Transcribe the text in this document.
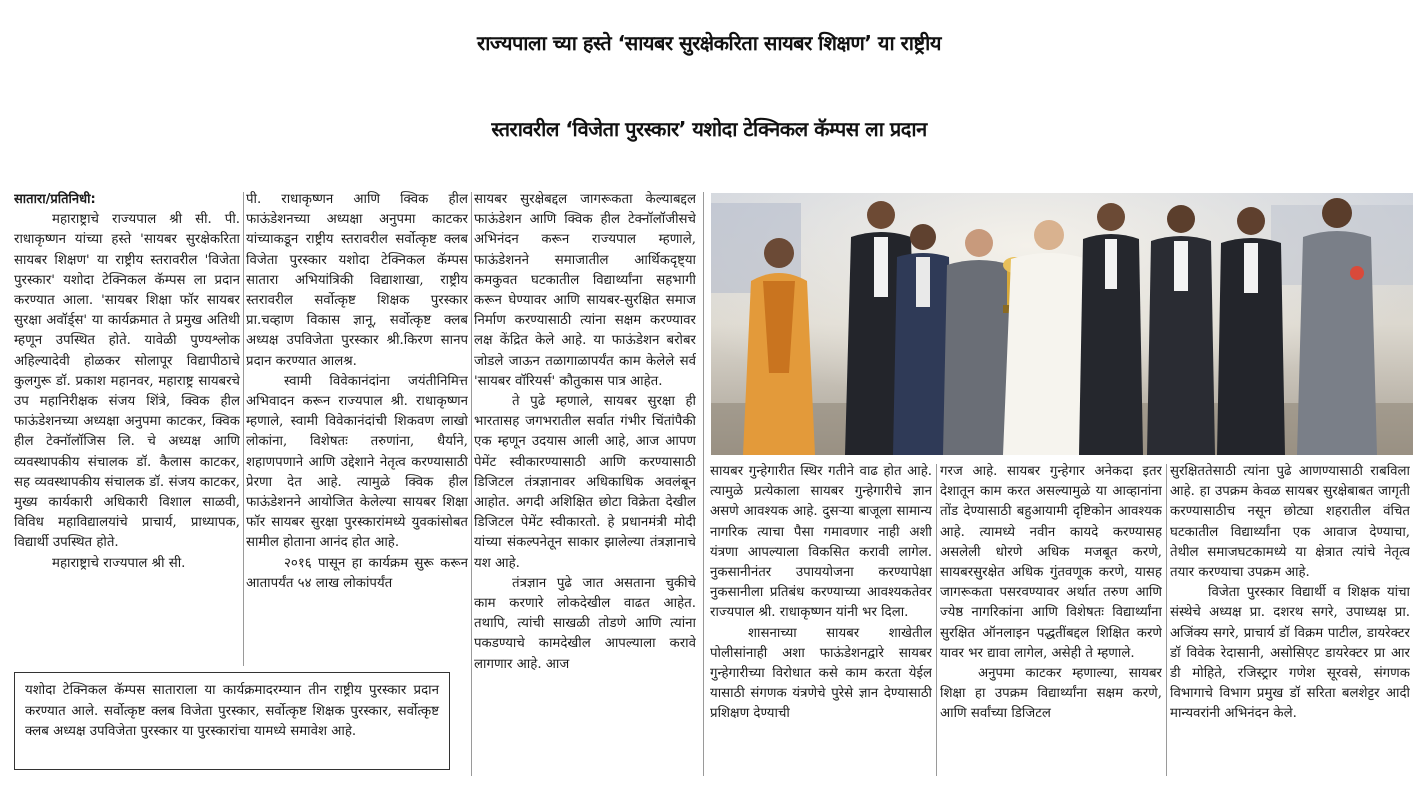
राज्यपाला च्या हस्ते ‘सायबर सुरक्षेकरिता सायबर शिक्षण’ या राष्ट्रीय
स्तरावरील ‘विजेता पुरस्कार’ यशोदा टेक्निकल कॅम्पस ला प्रदान

सातारा/प्रतिनिधी:

महाराष्ट्राचे राज्यपाल श्री सी. पी. राधाकृष्णन यांच्या हस्ते 'सायबर सुरक्षेकरिता सायबर शिक्षण' या राष्ट्रीय स्तरावरील 'विजेता पुरस्कार' यशोदा टेक्निकल कॅम्पस ला प्रदान करण्यात आला. 'सायबर शिक्षा फॉर सायबर सुरक्षा अवॉर्ड्स' या कार्यक्रमात ते प्रमुख अतिथी म्हणून उपस्थित होते. यावेळी पुण्यश्लोक अहिल्यादेवी होळकर सोलापूर विद्यापीठाचे कुलगुरू डॉ. प्रकाश महानवर, महाराष्ट्र सायबरचे उप महानिरीक्षक संजय शिंत्रे, क्विक हील फाऊंडेशनच्या अध्यक्षा अनुपमा काटकर, क्विक हील टेक्नॉलॉजिस लि. चे अध्यक्ष आणि व्यवस्थापकीय संचालक डॉ. कैलास काटकर, सह व्यवस्थापकीय संचालक डॉ. संजय काटकर, मुख्य कार्यकारी अधिकारी विशाल साळवी, विविध महाविद्यालयांचे प्राचार्य, प्राध्यापक, विद्यार्थी उपस्थित होते.

महाराष्ट्राचे राज्यपाल श्री सी.

पी. राधाकृष्णन आणि क्विक हील फाऊंडेशनच्या अध्यक्षा अनुपमा काटकर यांच्याकडून राष्ट्रीय स्तरावरील सर्वोत्कृष्ट क्लब विजेता पुरस्कार यशोदा टेक्निकल कॅम्पस सातारा अभियांत्रिकी विद्याशाखा, राष्ट्रीय स्तरावरील सर्वोत्कृष्ट शिक्षक पुरस्कार प्रा.चव्हाण विकास ज्ञानू, सर्वोत्कृष्ट क्लब अध्यक्ष उपविजेता पुरस्कार श्री.किरण सानप प्रदान करण्यात आलश्र.

स्वामी विवेकानंदांना जयंतीनिमित्त अभिवादन करून राज्यपाल श्री. राधाकृष्णन म्हणाले, स्वामी विवेकानंदांची शिकवण लाखो लोकांना, विशेषतः तरुणांना, धैर्याने, शहाणपणाने आणि उद्देशाने नेतृत्व करण्यासाठी प्रेरणा देत आहे. त्यामुळे क्विक हील फाऊंडेशनने आयोजित केलेल्या सायबर शिक्षा फॉर सायबर सुरक्षा पुरस्कारांमध्ये युवकांसोबत सामील होताना आनंद होत आहे.

२०१६ पासून हा कार्यक्रम सुरू करून आतापर्यंत ५४ लाख लोकांपर्यंत

सायबर सुरक्षेबद्दल जागरूकता केल्याबद्दल फाऊंडेशन आणि क्विक हील टेक्नॉलॉजीसचे अभिनंदन करून राज्यपाल म्हणाले, फाऊंडेशनने समाजातील आर्थिकदृष्ट्या कमकुवत घटकातील विद्यार्थ्यांना सहभागी करून घेण्यावर आणि सायबर-सुरक्षित समाज निर्माण करण्यासाठी त्यांना सक्षम करण्यावर लक्ष केंद्रित केले आहे. या फाऊंडेशन बरोबर जोडले जाऊन तळागाळापर्यंत काम केलेले सर्व 'सायबर वॉरियर्स' कौतुकास पात्र आहेत.

ते पुढे म्हणाले, सायबर सुरक्षा ही भारतासह जगभरातील सर्वात गंभीर चिंतांपैकी एक म्हणून उदयास आली आहे, आज आपण पेमेंट स्वीकारण्यासाठी आणि करण्यासाठी डिजिटल तंत्रज्ञानावर अधिकाधिक अवलंबून आहोत. अगदी अशिक्षित छोटा विक्रेता देखील डिजिटल पेमेंट स्वीकारतो. हे प्रधानमंत्री मोदी यांच्या संकल्पनेतून साकार झालेल्या तंत्रज्ञानाचे यश आहे.

तंत्रज्ञान पुढे जात असताना चुकीचे काम करणारे लोकदेखील वाढत आहेत. तथापि, त्यांची साखळी तोडणे आणि त्यांना पकडण्याचे कामदेखील आपल्याला करावे लागणार आहे. आज

यशोदा टेक्निकल कॅम्पस साताराला या कार्यक्रमादरम्यान तीन राष्ट्रीय पुरस्कार प्रदान करण्यात आले. सर्वोत्कृष्ट क्लब विजेता पुरस्कार, सर्वोत्कृष्ट शिक्षक पुरस्कार, सर्वोत्कृष्ट क्लब अध्यक्ष उपविजेता पुरस्कार या पुरस्कारांचा यामध्ये समावेश आहे.

सायबर गुन्हेगारीत स्थिर गतीने वाढ होत आहे. त्यामुळे प्रत्येकाला सायबर गुन्हेगारीचे ज्ञान असणे आवश्यक आहे. दुसऱ्या बाजूला सामान्य नागरिक त्याचा पैसा गमावणार नाही अशी यंत्रणा आपल्याला विकसित करावी लागेल. नुकसानीनंतर उपाययोजना करण्यापेक्षा नुकसानीला प्रतिबंध करण्याच्या आवश्यकतेवर राज्यपाल श्री. राधाकृष्णन यांनी भर दिला.

शासनाच्या सायबर शाखेतील पोलीसांनाही अशा फाऊंडेशनद्वारे सायबर गुन्हेगारीच्या विरोधात कसे काम करता येईल यासाठी संगणक यंत्रणेचे पुरेसे ज्ञान देण्यासाठी प्रशिक्षण देण्याची

गरज आहे. सायबर गुन्हेगार अनेकदा इतर देशातून काम करत असल्यामुळे या आव्हानांना तोंड देण्यासाठी बहुआयामी दृष्टिकोन आवश्यक आहे. त्यामध्ये नवीन कायदे करण्यासह असलेली धोरणे अधिक मजबूत करणे, सायबरसुरक्षेत अधिक गुंतवणूक करणे, यासह जागरूकता पसरवण्यावर अर्थात तरुण आणि ज्येष्ठ नागरिकांना आणि विशेषतः विद्यार्थ्यांना सुरक्षित ऑनलाइन पद्धतींबद्दल शिक्षित करणे यावर भर द्यावा लागेल, असेही ते म्हणाले.

अनुपमा काटकर म्हणाल्या, सायबर शिक्षा हा उपक्रम विद्यार्थ्यांना सक्षम करणे, आणि सर्वांच्या डिजिटल

सुरक्षिततेसाठी त्यांना पुढे आणण्यासाठी राबविला आहे. हा उपक्रम केवळ सायबर सुरक्षेबाबत जागृती करण्यासाठीच नसून छोट्या शहरातील वंचित घटकातील विद्यार्थ्यांना एक आवाज देण्याचा, तेथील समाजघटकामध्ये या क्षेत्रात त्यांचे नेतृत्व तयार करण्याचा उपक्रम आहे.

विजेता पुरस्कार विद्यार्थी व शिक्षक यांचा संस्थेचे अध्यक्ष प्रा. दशरथ सगरे, उपाध्यक्ष प्रा. अजिंक्य सगरे, प्राचार्य डॉ विक्रम पाटील, डायरेक्टर डॉ विवेक रेदासानी, असोसिएट डायरेक्टर प्रा आर डी मोहिते, रजिस्ट्रार गणेश सूरवसे, संगणक विभागाचे विभाग प्रमुख डॉ सरिता बलशेट्टर आदी मान्यवरांनी अभिनंदन केले.
